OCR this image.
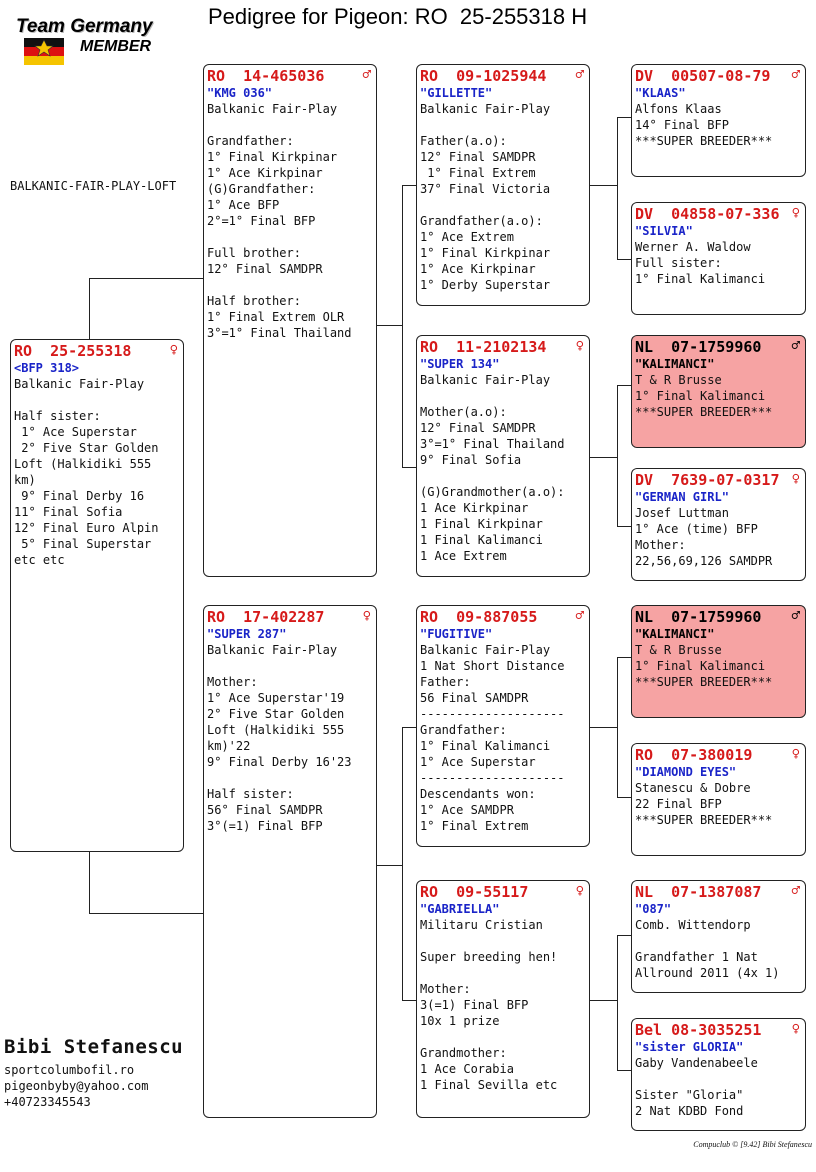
Team Germany
MEMBER
Pedigree for Pigeon: RO  25-255318 H
BALKANIC-FAIR-PLAY-LOFT
RO  25-255318	♀
<BFP 318>
Balkanic Fair-Play
Half sister:
1° Ace Superstar
2° Five Star Golden
Loft (Halkidiki 555
km)
9° Final Derby 16
11° Final Sofia
12° Final Euro Alpin
5° Final Superstar
etc etc
RO  14-465036	♂
"KMG 036"
Balkanic Fair-Play
Grandfather:
1° Final Kirkpinar
1° Ace Kirkpinar
(G)Grandfather:
1° Ace BFP
2°=1° Final BFP
Full brother:
12° Final SAMDPR
Half brother:
1° Final Extrem OLR
3°=1° Final Thailand
RO  17-402287	♀
"SUPER 287"
Balkanic Fair-Play
Mother:
1° Ace Superstar'19
2° Five Star Golden
Loft (Halkidiki 555
km)'22
9° Final Derby 16'23
Half sister:
56° Final SAMDPR
3°(=1) Final BFP
RO  09-1025944 ♂
"GILLETTE"
Balkanic Fair-Play
Father(a.o):
12° Final SAMDPR
1° Final Extrem
37° Final Victoria
Grandfather(a.o):
1° Ace Extrem
1° Final Kirkpinar
1° Ace Kirkpinar
1° Derby Superstar
RO  11-2102134 ♀
"SUPER 134"
Balkanic Fair-Play
Mother(a.o):
12° Final SAMDPR
3°=1° Final Thailand
9° Final Sofia
(G)Grandmother(a.o):
1 Ace Kirkpinar
1 Final Kirkpinar
1 Final Kalimanci
1 Ace Extrem
RO  09-887055	♂
"FUGITIVE"
Balkanic Fair-Play
1 Nat Short Distance
Father:
56 Final SAMDPR
--------------------
Grandfather:
1° Final Kalimanci
1° Ace Superstar
--------------------
Descendants won:
1° Ace SAMDPR
1° Final Extrem
RO  09-55117	♀
"GABRIELLA"
Militaru Cristian
Super breeding hen!
Mother:
3(=1) Final BFP
10x 1 prize
Grandmother:
1 Ace Corabia
1 Final Sevilla etc
DV  00507-08-79 ♂
"KLAAS"
Alfons Klaas
14° Final BFP
***SUPER BREEDER***
DV  04858-07-336 ♀
"SILVIA"
Werner A. Waldow
Full sister:
1° Final Kalimanci
NL  07-1759960 ♂
"KALIMANCI"
T & R Brusse
1° Final Kalimanci
***SUPER BREEDER***
DV  7639-07-0317 ♀
"GERMAN GIRL"
Josef Luttman
1° Ace (time) BFP
Mother:
22,56,69,126 SAMDPR
NL  07-1759960 ♂
"KALIMANCI"
T & R Brusse
1° Final Kalimanci
***SUPER BREEDER***
RO  07-380019	♀
"DIAMOND EYES"
Stanescu & Dobre
22 Final BFP
***SUPER BREEDER***
NL  07-1387087 ♂
"087"
Comb. Wittendorp
Grandfather 1 Nat
Allround 2011 (4x 1)
Bel 08-3035251 ♀
"sister GLORIA"
Gaby Vandenabeele
Sister "Gloria"
2 Nat KDBD Fond
Bibi Stefanescu
sportcolumbofil.ro
pigeonbyby@yahoo.com
+40723345543
Compuclub © [9.42] Bibi Stefanescu
